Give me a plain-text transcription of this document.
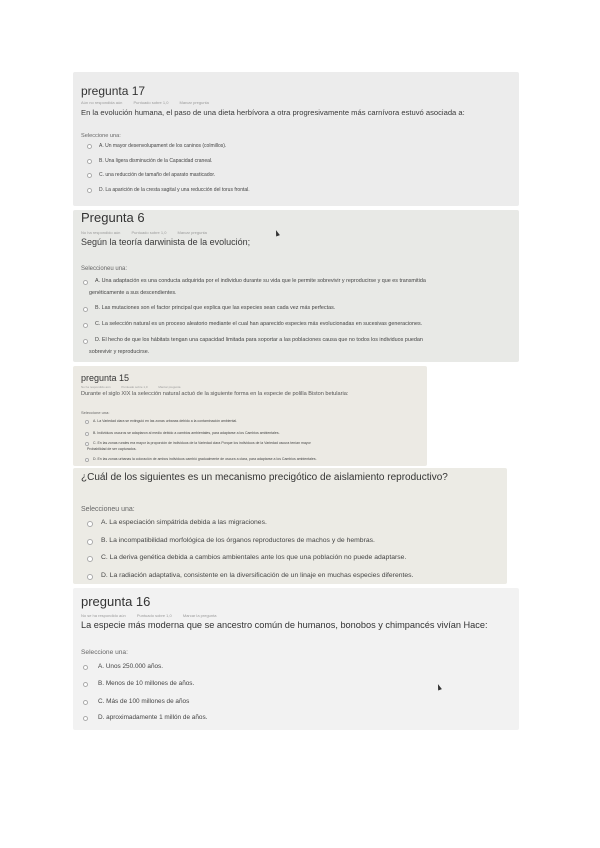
pregunta 17
Aún no respondida aún	Puntuado sobre 1,0	Marcar pregunta
En la evolución humana, el paso de una dieta herbívora a otra progresivamente más carnívora estuvó asociada a:
Seleccione una:
A. Un mayor desenvolupament de los caninos (colmillos).
B. Una ligera disminución de la Capacidad craneal.
C. una reducción de tamaño del aparato masticador.
D. La aparición de la cresta sagital y una reducción del torus frontal.
Pregunta 6
No ha respondido aún	Puntuado sobre 1,0	Marcar pregunta
Según la teoría darwinista de la evolución;
Seleccioneu una:
A. Una adaptación es una conducta adquirida por el individuo durante su vida que le permite sobrevivir y reproducirse y que es transmitida
genéticamente a sus descendientes.
B. Las mutaciones son el factor principal que explica que las especies sean cada vez más perfectas.
C. La selección natural es un proceso aleatorio mediante el cual han aparecido especies más evolucionadas en sucesivas generaciones.
D. El hecho de que los hábitats tengan una capacidad limitada para soportar a las poblaciones causa que no todos los individuos puedan
sobrevivir y reproducirse.
pregunta 15
No ha respondido aún	Puntuado sobre 1,0	Marcar pregunta
Durante el siglo XIX la selección natural actuó de la siguiente forma en la especie de polilla Biston betularia:
Seleccione una:
A. La Variedad clara se extinguió en las zonas urbanas debido a la contaminación ambiental.
B. Individuos oscuros se adaptaron al medio debido a cambios ambientales, para adaptarse a los Cambios ambientales.
C. En las zonas rurales era mayor la proporción de individuos de la Variedad clara Porque los individuos de la Variedad oscura tenían mayor
Probabilidad de ser capturados.
D. En las zonas urbanas la coloración de ambos individuos cambió gradualmente de oscura a clara, para adaptarse a los Cambios ambientales.
¿Cuál de los siguientes es un mecanismo precigótico de aislamiento reproductivo?
Seleccioneu una:
A. La especiación simpátrida debida a las migraciones.
B. La incompatibilidad morfológica de los órganos reproductores de machos y de hembras.
C. La deriva genética debida a cambios ambientales ante los que una población no puede adaptarse.
D. La radiación adaptativa, consistente en la diversificación de un linaje en muchas especies diferentes.
pregunta 16
No se ha respondido aún	Puntuado sobre 1,0	Marcar la pregunta
La especie más moderna que se ancestro común de humanos, bonobos y chimpancés vivían Hace:
Seleccione una:
A. Unos 250.000 años.
B. Menos de 10 millones de años.
C. Más de 100 millones de años
D. aproximadamente 1 millón de años.
